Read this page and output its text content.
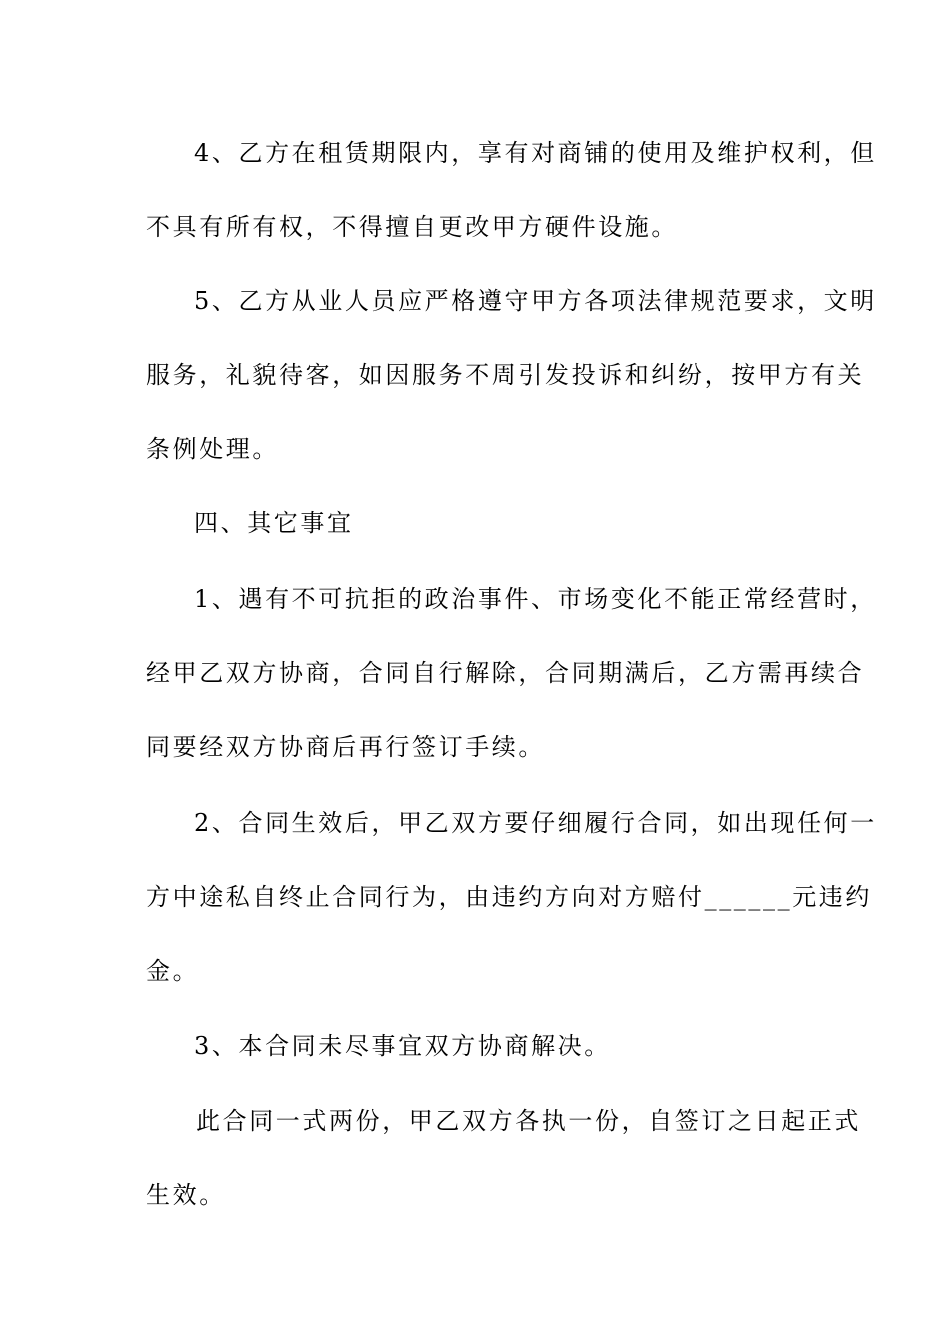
4、乙方在租赁期限内，享有对商铺的使用及维护权利，但
不具有所有权，不得擅自更改甲方硬件设施。
5、乙方从业人员应严格遵守甲方各项法律规范要求，文明
服务，礼貌待客，如因服务不周引发投诉和纠纷，按甲方有关
条例处理。
四、其它事宜
1、遇有不可抗拒的政治事件、市场变化不能正常经营时，
经甲乙双方协商，合同自行解除，合同期满后，乙方需再续合
同要经双方协商后再行签订手续。
2、合同生效后，甲乙双方要仔细履行合同，如出现任何一
方中途私自终止合同行为，由违约方向对方赔付______元违约
金。
3、本合同未尽事宜双方协商解决。
此合同一式两份，甲乙双方各执一份，自签订之日起正式
生效。
